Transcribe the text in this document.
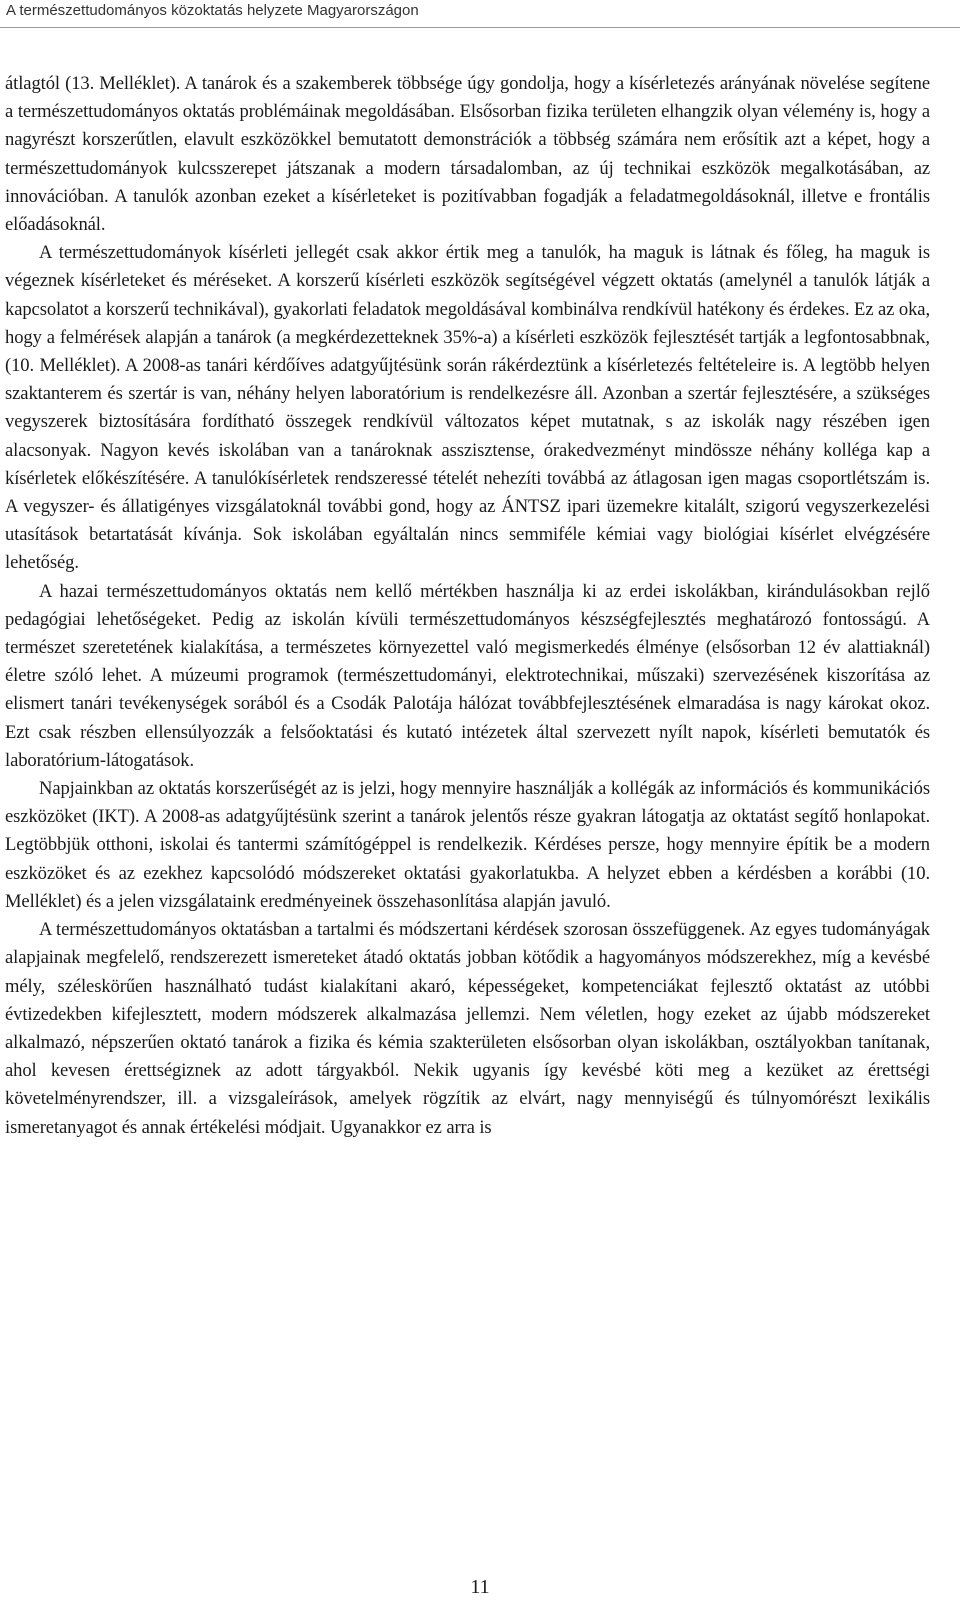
A természettudományos közoktatás helyzete Magyarországon

átlagtól (13. Melléklet). A tanárok és a szakemberek többsége úgy gondolja, hogy a kísérletezés arányának növelése segítene a természettudományos oktatás problémáinak megoldásában. Elsősorban fizika területen elhangzik olyan vélemény is, hogy a nagyrészt korszerűtlen, elavult eszközökkel bemutatott demonstrációk a többség számára nem erősítik azt a képet, hogy a természettudományok kulcsszerepet játszanak a modern társadalomban, az új technikai eszközök megalkotásában, az innovációban. A tanulók azonban ezeket a kísérleteket is pozitívabban fogadják a feladatmegoldásoknál, illetve e frontális előadásoknál.

A természettudományok kísérleti jellegét csak akkor értik meg a tanulók, ha maguk is látnak és főleg, ha maguk is végeznek kísérleteket és méréseket. A korszerű kísérleti eszközök segítségével végzett oktatás (amelynél a tanulók látják a kapcsolatot a korszerű technikával), gyakorlati feladatok megoldásával kombinálva rendkívül hatékony és érdekes. Ez az oka, hogy a felmérések alapján a tanárok (a megkérdezetteknek 35%-a) a kísérleti eszközök fejlesztését tartják a legfontosabbnak, (10. Melléklet). A 2008-as tanári kérdőíves adatgyűjtésünk során rákérdeztünk a kísérletezés feltételeire is. A legtöbb helyen szaktanterem és szertár is van, néhány helyen laboratórium is rendelkezésre áll. Azonban a szertár fejlesztésére, a szükséges vegyszerek biztosítására fordítható összegek rendkívül változatos képet mutatnak, s az iskolák nagy részében igen alacsonyak. Nagyon kevés iskolában van a tanároknak asszisztense, órakedvezményt mindössze néhány kolléga kap a kísérletek előkészítésére. A tanulókísérletek rendszeressé tételét nehezíti továbbá az átlagosan igen magas csoportlétszám is. A vegyszer- és állatigényes vizsgálatoknál további gond, hogy az ÁNTSZ ipari üzemekre kitalált, szigorú vegyszerkezelési utasítások betartatását kívánja. Sok iskolában egyáltalán nincs semmiféle kémiai vagy biológiai kísérlet elvégzésére lehetőség.

A hazai természettudományos oktatás nem kellő mértékben használja ki az erdei iskolákban, kirándulásokban rejlő pedagógiai lehetőségeket. Pedig az iskolán kívüli természettudományos készségfejlesztés meghatározó fontosságú. A természet szeretetének kialakítása, a természetes környezettel való megismerkedés élménye (elsősorban 12 év alattiaknál) életre szóló lehet. A múzeumi programok (természettudományi, elektrotechnikai, műszaki) szervezésének kiszorítása az elismert tanári tevékenységek sorából és a Csodák Palotája hálózat továbbfejlesztésének elmaradása is nagy károkat okoz. Ezt csak részben ellensúlyozzák a felsőoktatási és kutató intézetek által szervezett nyílt napok, kísérleti bemutatók és laboratórium-látogatások.

Napjainkban az oktatás korszerűségét az is jelzi, hogy mennyire használják a kollégák az információs és kommunikációs eszközöket (IKT). A 2008-as adatgyűjtésünk szerint a tanárok jelentős része gyakran látogatja az oktatást segítő honlapokat. Legtöbbjük otthoni, iskolai és tantermi számítógéppel is rendelkezik. Kérdéses persze, hogy mennyire építik be a modern eszközöket és az ezekhez kapcsolódó módszereket oktatási gyakorlatukba. A helyzet ebben a kérdésben a korábbi (10. Melléklet) és a jelen vizsgálataink eredményeinek összehasonlítása alapján javuló.

A természettudományos oktatásban a tartalmi és módszertani kérdések szorosan összefüggenek. Az egyes tudományágak alapjainak megfelelő, rendszerezett ismereteket átadó oktatás jobban kötődik a hagyományos módszerekhez, míg a kevésbé mély, széleskörűen használható tudást kialakítani akaró, képességeket, kompetenciákat fejlesztő oktatást az utóbbi évtizedekben kifejlesztett, modern módszerek alkalmazása jellemzi. Nem véletlen, hogy ezeket az újabb módszereket alkalmazó, népszerűen oktató tanárok a fizika és kémia szakterületen elsősorban olyan iskolákban, osztályokban tanítanak, ahol kevesen érettségiznek az adott tárgyakból. Nekik ugyanis így kevésbé köti meg a kezüket az érettségi követelményrendszer, ill. a vizsgaleírások, amelyek rögzítik az elvárt, nagy mennyiségű és túlnyomórészt lexikális ismeretanyagot és annak értékelési módjait. Ugyanakkor ez arra is

11
